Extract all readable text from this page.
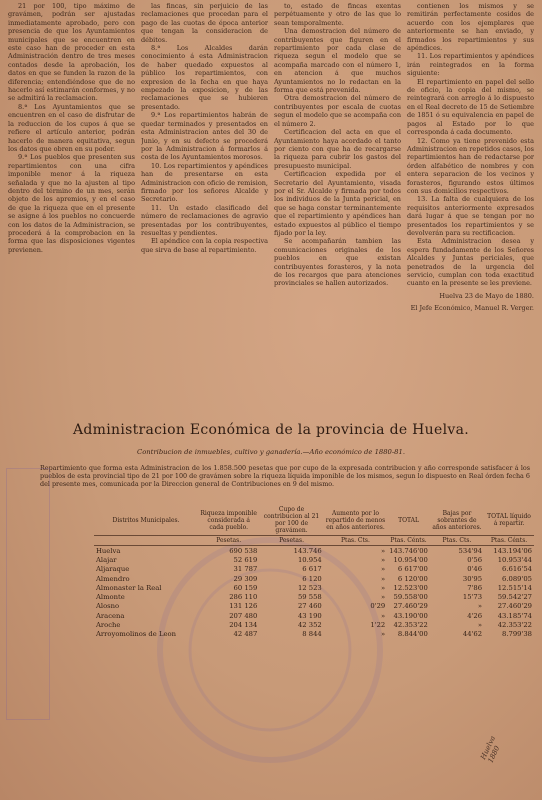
21 por 100, tipo máximo de gravámen, podrán ser ajustadas inmediatamente aprobado, pero con presencia de que los Ayuntamientos municipales que se encuentren en este caso han de proceder en esta Administración dentro de tres meses contados desde la aprobación, los datos en que se funden la razon de la diferencia; entendiéndose que de no hacerlo así estimarán conformes, y no se admitirá la reclamacion.

8.ª Los Ayuntamientos que se encuentren en el caso de disfrutar de la reduccion de los cupos á que se refiere el artículo anterior, podrán hacerlo de manera equitativa, segun los datos que obren en su poder.

9.ª Los pueblos que presenten sus repartimientos con una cifra imponible menor á la riqueza señalada y que no la ajusten al tipo dentro del término de un mes, serán objeto de los apremios, y en el caso de que la riqueza que en el presente se asigne á los pueblos no concuerde con los datos de la Administracion, se procederá á la comprobacion en la forma que las disposiciones vigentes previenen.

las fincas, sin perjuicio de las reclamaciones que procedan para el pago de las cuotas de época anterior que tengan la consideracion de débitos.

8.ª Los Alcaldes darán conocimiento á esta Administracion de haber quedado expuestos al público los repartimientos, con expresion de la fecha en que haya empezado la exposicion, y de las reclamaciones que se hubieren presentado.

9.ª Los repartimientos habrán de quedar terminados y presentados en esta Administracion antes del 30 de Junio, y en su defecto se procederá por la Administracion á formarlos á costa de los Ayuntamientos morosos.

10. Los repartimientos y apéndices han de presentarse en esta Administracion con oficio de remision, firmado por los señores Alcalde y Secretario.

11. Un estado clasificado del número de reclamaciones de agravio presentadas por los contribuyentes, resueltas y pendientes.

El apéndice con la copia respectiva que sirva de base al repartimiento.

to, estado de fincas exentas perpétuamente y otro de las que lo sean temporalmente.

Una demostracion del número de contribuyentes que figuren en el repartimiento por cada clase de riqueza segun el modelo que se acompaña marcado con el número 1, en atencion á que muchos Ayuntamientos no lo redactan en la forma que está prevenida.

Otra demostracion del número de contribuyentes por escala de cuotas segun el modelo que se acompaña con el número 2.

Certificacion del acta en que el Ayuntamiento haya acordado el tanto por ciento con que ha de recargarse la riqueza para cubrir los gastos del presupuesto municipal.

Certificacion expedida por el Secretario del Ayuntamiento, visada por el Sr. Alcalde y firmada por todos los individuos de la Junta pericial, en que se haga constar terminantemente que el repartimiento y apéndices han estado expuestos al público el tiempo fijado por la ley.

Se acompañarán tambien las comunicaciones originales de los pueblos en que existan contribuyentes forasteros, y la nota de los recargos que para atenciones provinciales se hallen autorizados.

contienen los mismos y se remitirán perfectamente cosidos de acuerdo con los ejemplares que anteriormente se han enviado, y firmados los repartimientos y sus apéndices.

11. Los repartimientos y apéndices irán reintegrados en la forma siguiente:

El repartimiento en papel del sello de oficio, la copia del mismo, se reintegrará con arreglo á lo dispuesto en el Real decreto de 15 de Setiembre de 1851 ó su equivalencia en papel de pagos al Estado por lo que corresponda á cada documento.

12. Como ya tiene prevenido esta Administracion en repetidos casos, los repartimientos han de redactarse por órden alfabético de nombres y con entera separacion de los vecinos y forasteros, figurando estos últimos con sus domicilios respectivos.

13. La falta de cualquiera de los requisitos anteriormente expresados dará lugar á que se tengan por no presentados los repartimientos y se devolverán para su rectificacion.

Esta Administracion desea y espera fundadamente de los Señores Alcaldes y Juntas periciales, que penetrados de la urgencia del servicio, cumplan con toda exactitud cuanto en la presente se les previene.

Huelva 23 de Mayo de 1880.
El Jefe Económico, Manuel R. Verger.
Administracion Económica de la provincia de Huelva.
Contribucion de inmuebles, cultivo y ganadería.—Año económico de 1880-81.
Repartimiento que forma esta Administracion de los 1.858.500 pesetas que por cupo de la expresada contribucion y año corresponde satisfacer á los pueblos de esta provincial tipo de 21 por 100 de gravámen sobre la riqueza líquida imponible de los mismos, segun lo dispuesto en Real órden fecha 6 del presente mes, comunicada por la Direccion general de Contribuciones en 9 del mismo.
Distritos Municipales.	Riqueza imponible considerada á cada pueblo.	Cupo de contribucion al 21 por 100 de gravámen.	Aumento por lo repartido de menos en años anteriores.	TOTAL	Bajas por sobrantes de años anteriores.	TOTAL líquido á repartir.
	Pesetas.	Pesetas.	Ptas. Cts.	Ptas. Cénts.	Ptas. Cts.	Ptas. Cénts.
Huelva	690 538	143.746	»	143.746'00	534'94	143.194'06
Alajar	52 619	10.954	»	10.954'00	0'56	10.953'44
Aljaraque	31 787	6 617	»	6 617'00	0'46	6.616'54
Almendro	29 309	6 120	»	6 120'00	30'95	6.089'05
Almonaster la Real	60 159	12 523	»	12.523'00	7'86	12.515'14
Almonte	286 110	59 558	»	59.558'00	15'73	59.542'27
Alosno	131 126	27 460	0'29	27.460'29	»	27.460'29
Aracena	207 480	43 190	»	43.190'00	4'26	43.185'74
Aroche	204 134	42 352	1'22	42.353'22	»	42.353'22
Arroyomolinos de Leon	42 487	8 844	»	8.844'00	44'62	8.799'38
Huelva 1880
